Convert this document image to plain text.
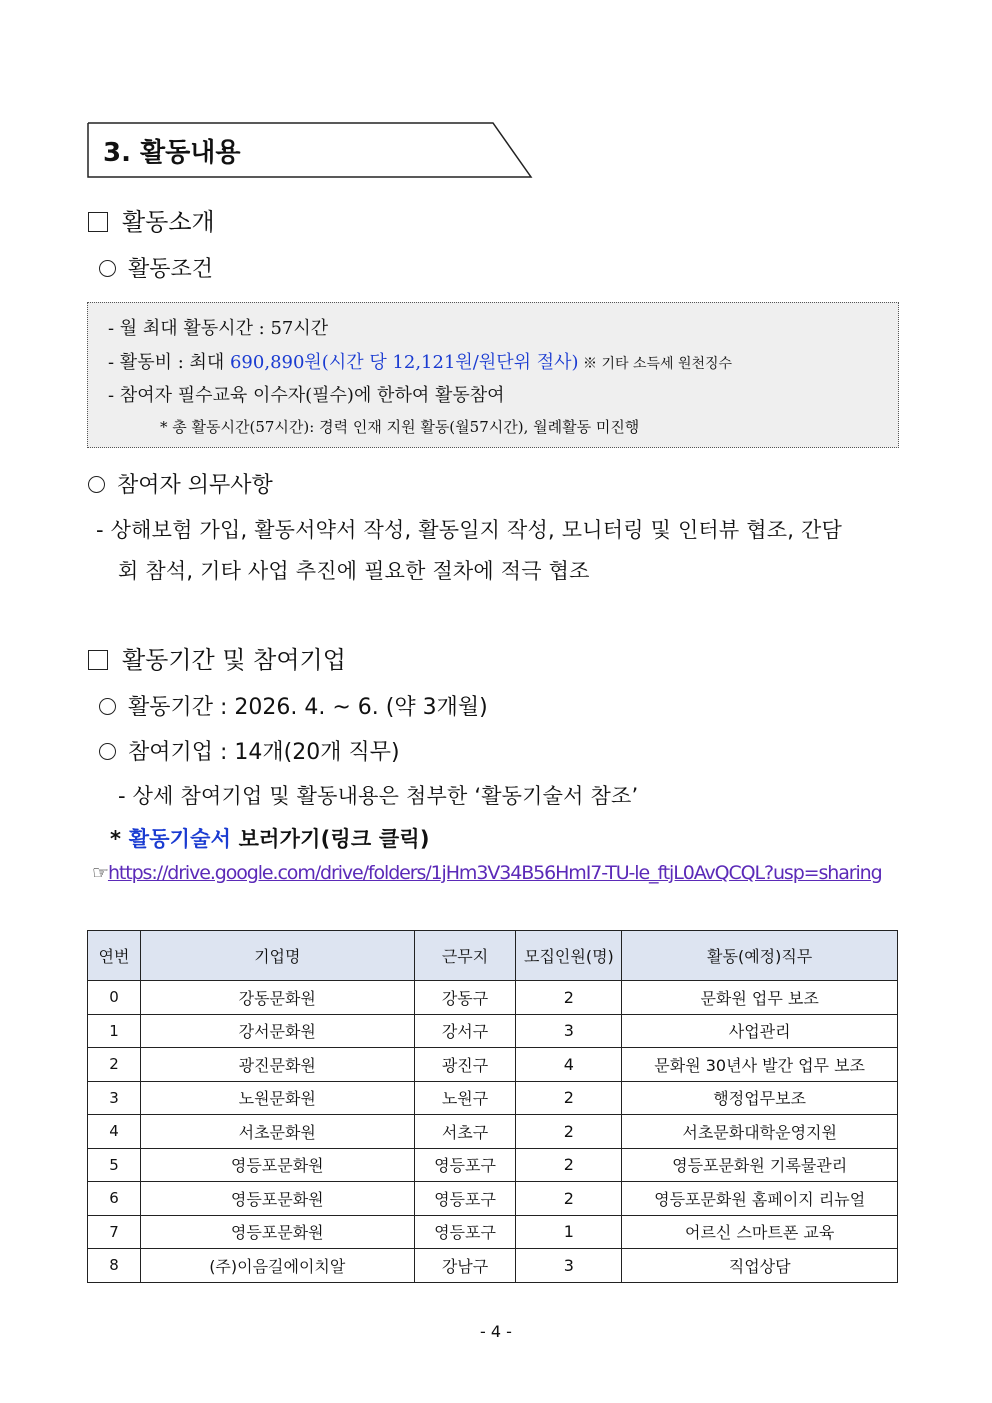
3. 활동내용
활동소개
활동조건
- 월 최대 활동시간 : 57시간
- 활동비 : 최대 690,890원(시간 당 12,121원/원단위 절사) ※ 기타 소득세 원천징수
- 참여자 필수교육 이수자(필수)에 한하여 활동참여
* 총 활동시간(57시간): 경력 인재 지원 활동(월57시간), 월례활동 미진행
참여자 의무사항
- 상해보험 가입, 활동서약서 작성, 활동일지 작성, 모니터링 및 인터뷰 협조, 간담
회 참석, 기타 사업 추진에 필요한 절차에 적극 협조
활동기간 및 참여기업
활동기간 : 2026. 4. ~ 6. (약 3개월)
참여기업 : 14개(20개 직무)
- 상세 참여기업 및 활동내용은 첨부한 ‘활동기술서 참조’
* 활동기술서 보러가기(링크 클릭)
☞https://drive.google.com/drive/folders/1jHm3V34B56HmI7-TU-le_ftjL0AvQCQL?usp=sharing
연번	기업명	근무지	모집인원(명)	활동(예정)직무
0	강동문화원	강동구	2	문화원 업무 보조
1	강서문화원	강서구	3	사업관리
2	광진문화원	광진구	4	문화원 30년사 발간 업무 보조
3	노원문화원	노원구	2	행정업무보조
4	서초문화원	서초구	2	서초문화대학운영지원
5	영등포문화원	영등포구	2	영등포문화원 기록물관리
6	영등포문화원	영등포구	2	영등포문화원 홈페이지 리뉴얼
7	영등포문화원	영등포구	1	어르신 스마트폰 교육
8	(주)이음길에이치알	강남구	3	직업상담
- 4 -
